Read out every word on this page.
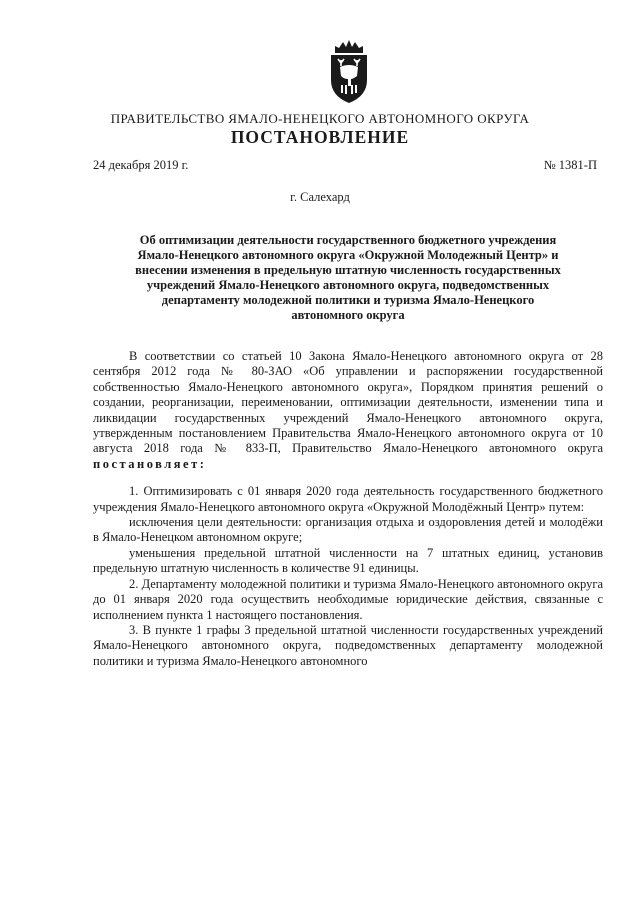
ПРАВИТЕЛЬСТВО ЯМАЛО-НЕНЕЦКОГО АВТОНОМНОГО ОКРУГА
ПОСТАНОВЛЕНИЕ
24 декабря 2019 г.	№ 1381-П
г. Салехард
Об оптимизации деятельности государственного бюджетного учреждения
Ямало-Ненецкого автономного округа «Окружной Молодежный Центр» и
внесении изменения в предельную штатную численность государственных
учреждений Ямало-Ненецкого автономного округа, подведомственных
департаменту молодежной политики и туризма Ямало-Ненецкого
автономного округа

В соответствии со статьей 10 Закона Ямало-Ненецкого автономного округа от 28 сентября 2012 года № 80-ЗАО «Об управлении и распоряжении государственной собственностью Ямало-Ненецкого автономного округа», Порядком принятия решений о создании, реорганизации, переименовании, оптимизации деятельности, изменении типа и ликвидации государственных учреждений Ямало-Ненецкого автономного округа, утвержденным постановлением Правительства Ямало-Ненецкого автономного округа от 10 августа 2018 года № 833-П, Правительство Ямало-Ненецкого автономного округа постановляет:

1. Оптимизировать с 01 января 2020 года деятельность государственного бюджетного учреждения Ямало-Ненецкого автономного округа «Окружной Молодёжный Центр» путем:

исключения цели деятельности: организация отдыха и оздоровления детей и молодёжи в Ямало-Ненецком автономном округе;

уменьшения предельной штатной численности на 7 штатных единиц, установив предельную штатную численность в количестве 91 единицы.

2. Департаменту молодежной политики и туризма Ямало-Ненецкого автономного округа до 01 января 2020 года осуществить необходимые юридические действия, связанные с исполнением пункта 1 настоящего постановления.

3. В пункте 1 графы 3 предельной штатной численности государственных учреждений Ямало-Ненецкого автономного округа, подведомственных департаменту молодежной политики и туризма Ямало-Ненецкого автономного
